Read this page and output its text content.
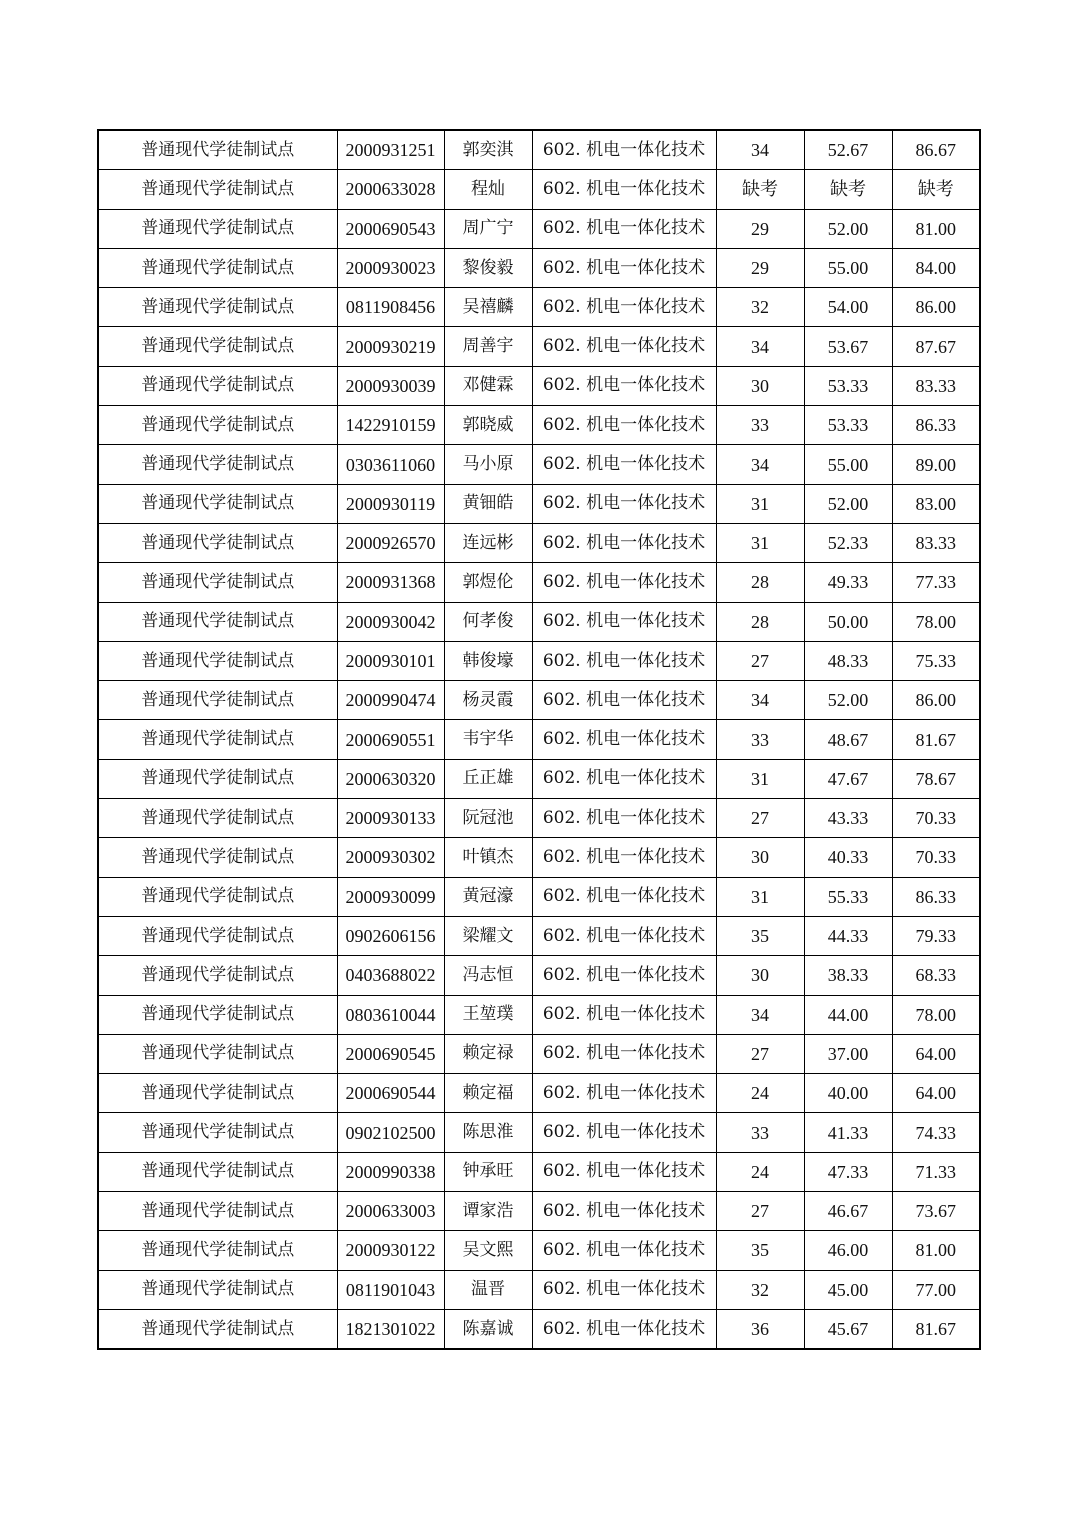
普通现代学徒制试点	2000931251	郭奕淇	602. 机电一体化技术	34	52.67	86.67
普通现代学徒制试点	2000633028	程灿	602. 机电一体化技术	缺考	缺考	缺考
普通现代学徒制试点	2000690543	周广宁	602. 机电一体化技术	29	52.00	81.00
普通现代学徒制试点	2000930023	黎俊毅	602. 机电一体化技术	29	55.00	84.00
普通现代学徒制试点	0811908456	吴禧麟	602. 机电一体化技术	32	54.00	86.00
普通现代学徒制试点	2000930219	周善宇	602. 机电一体化技术	34	53.67	87.67
普通现代学徒制试点	2000930039	邓健霖	602. 机电一体化技术	30	53.33	83.33
普通现代学徒制试点	1422910159	郭晓威	602. 机电一体化技术	33	53.33	86.33
普通现代学徒制试点	0303611060	马小原	602. 机电一体化技术	34	55.00	89.00
普通现代学徒制试点	2000930119	黄钿皓	602. 机电一体化技术	31	52.00	83.00
普通现代学徒制试点	2000926570	连远彬	602. 机电一体化技术	31	52.33	83.33
普通现代学徒制试点	2000931368	郭煜伦	602. 机电一体化技术	28	49.33	77.33
普通现代学徒制试点	2000930042	何孝俊	602. 机电一体化技术	28	50.00	78.00
普通现代学徒制试点	2000930101	韩俊壕	602. 机电一体化技术	27	48.33	75.33
普通现代学徒制试点	2000990474	杨灵霞	602. 机电一体化技术	34	52.00	86.00
普通现代学徒制试点	2000690551	韦宇华	602. 机电一体化技术	33	48.67	81.67
普通现代学徒制试点	2000630320	丘正雄	602. 机电一体化技术	31	47.67	78.67
普通现代学徒制试点	2000930133	阮冠池	602. 机电一体化技术	27	43.33	70.33
普通现代学徒制试点	2000930302	叶镇杰	602. 机电一体化技术	30	40.33	70.33
普通现代学徒制试点	2000930099	黄冠濠	602. 机电一体化技术	31	55.33	86.33
普通现代学徒制试点	0902606156	梁耀文	602. 机电一体化技术	35	44.33	79.33
普通现代学徒制试点	0403688022	冯志恒	602. 机电一体化技术	30	38.33	68.33
普通现代学徒制试点	0803610044	王堃璞	602. 机电一体化技术	34	44.00	78.00
普通现代学徒制试点	2000690545	赖定禄	602. 机电一体化技术	27	37.00	64.00
普通现代学徒制试点	2000690544	赖定福	602. 机电一体化技术	24	40.00	64.00
普通现代学徒制试点	0902102500	陈思淮	602. 机电一体化技术	33	41.33	74.33
普通现代学徒制试点	2000990338	钟承旺	602. 机电一体化技术	24	47.33	71.33
普通现代学徒制试点	2000633003	谭家浩	602. 机电一体化技术	27	46.67	73.67
普通现代学徒制试点	2000930122	吴文熙	602. 机电一体化技术	35	46.00	81.00
普通现代学徒制试点	0811901043	温晋	602. 机电一体化技术	32	45.00	77.00
普通现代学徒制试点	1821301022	陈嘉诚	602. 机电一体化技术	36	45.67	81.67
